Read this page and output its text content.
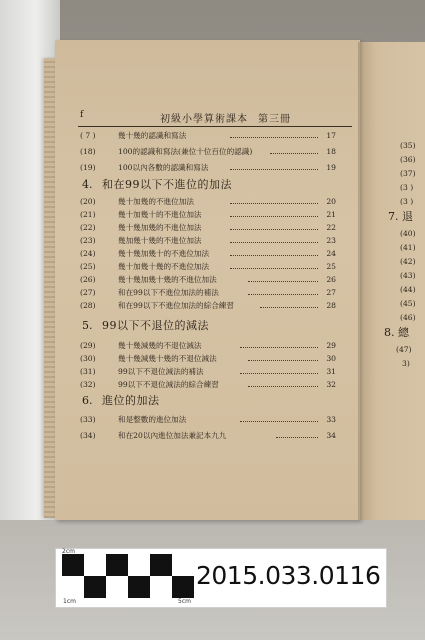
f	初級小學算術課本 第三冊
( 7 )	幾十幾的認識和寫法	17
(18)	100的認識和寫法(兼位十位百位的認識)	18
(19)	100以內各數的認識和寫法	19
4. 和在99以下不進位的加法
(20)	幾十加幾的不進位加法	20
(21)	幾十加幾十的不進位加法	21
(22)	幾十幾加幾的不進位加法	22
(23)	幾加幾十幾的不進位加法	23
(24)	幾十幾加幾十的不進位加法	24
(25)	幾十加幾十幾的不進位加法	25
(26)	幾十幾加幾十幾的不進位加法	26
(27)	和在99以下不進位加法的補法	27
(28)	和在99以下不進位加法的綜合練習	28
5. 99以下不退位的減法
(29)	幾十幾減幾的不退位減法	29
(30)	幾十幾減幾十幾的不退位減法	30
(31)	99以下不退位減法的補法	31
(32)	99以下不退位減法的綜合練習	32
6. 進位的加法
(33)	和是整數的進位加法	33
(34)	和在20以內進位加法兼記本九九	34
(35)
(36)
(37)
(3 )
(3 )
7. 退
(40)
(41)
(42)
(43)
(44)
(45)
(46)
8. 總
(47)
3)
2cm
1cm	5cm
2015.033.0116
